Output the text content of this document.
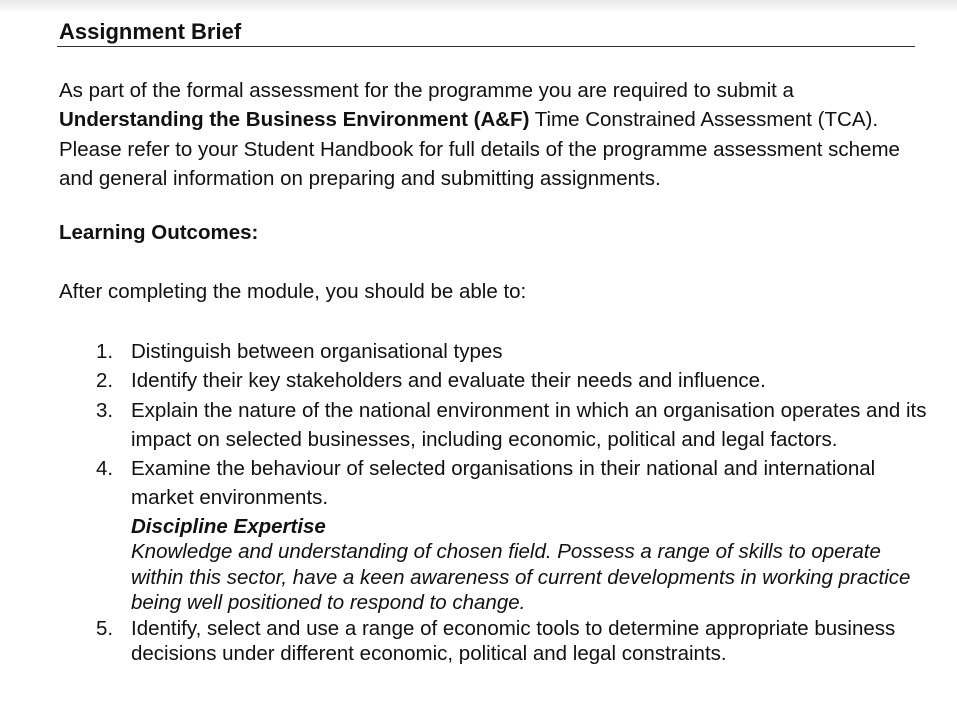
Assignment Brief

As part of the formal assessment for the programme you are required to submit a Understanding the Business Environment (A&F) Time Constrained Assessment (TCA). Please refer to your Student Handbook for full details of the programme assessment scheme and general information on preparing and submitting assignments.

Learning Outcomes:

After completing the module, you should be able to:

1. Distinguish between organisational types
2. Identify their key stakeholders and evaluate their needs and influence.
3. Explain the nature of the national environment in which an organisation operates and its impact on selected businesses, including economic, political and legal factors.
4. Examine the behaviour of selected organisations in their national and international market environments.
Discipline Expertise
Knowledge and understanding of chosen field. Possess a range of skills to operate within this sector, have a keen awareness of current developments in working practice being well positioned to respond to change.
5. Identify, select and use a range of economic tools to determine appropriate business decisions under different economic, political and legal constraints.
